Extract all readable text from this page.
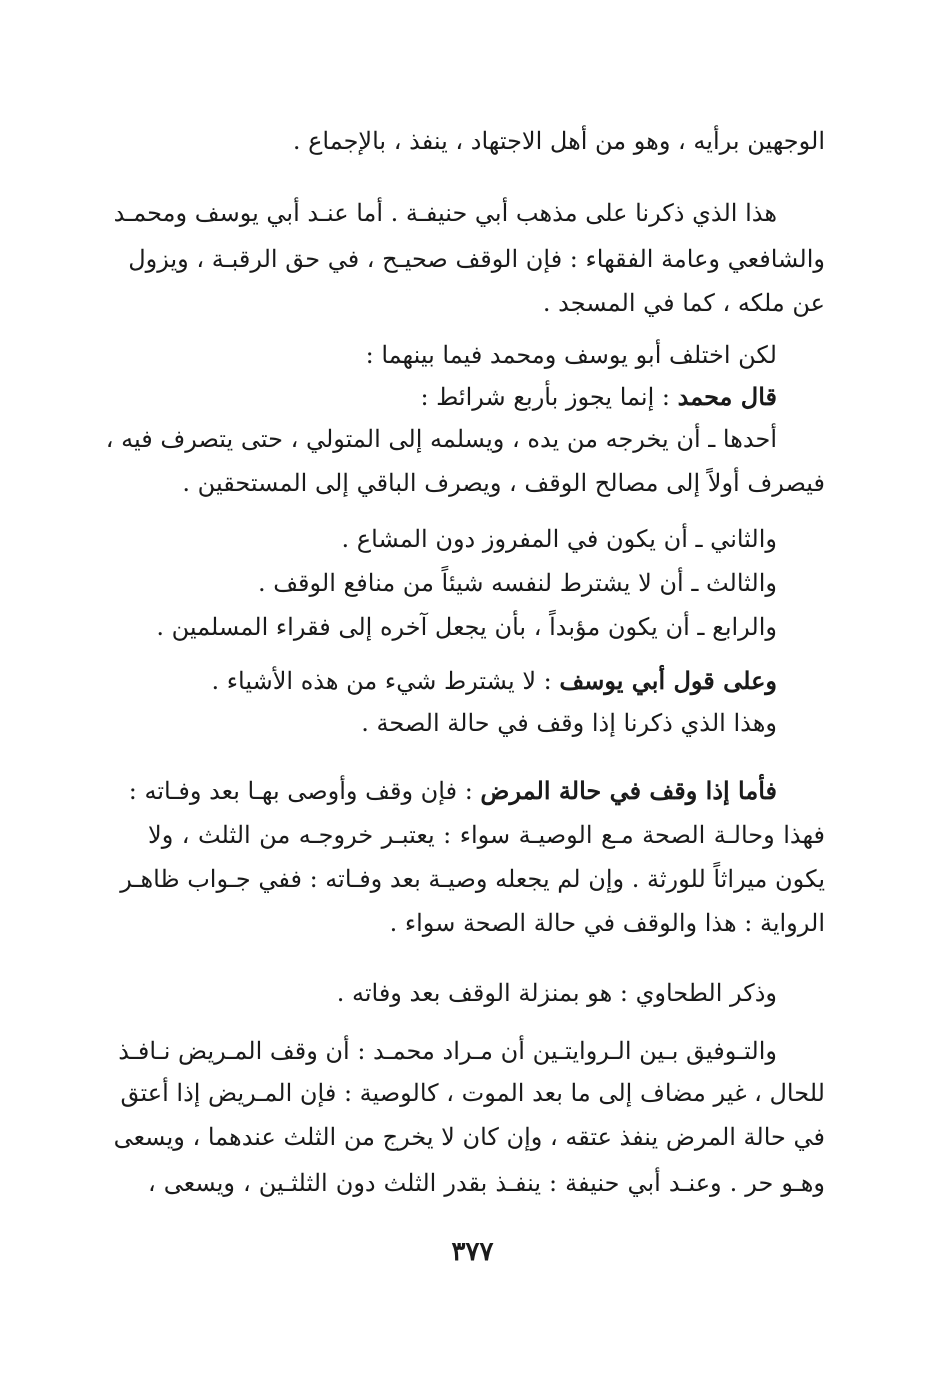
الوجهين برأيه ، وهو من أهل الاجتهاد ، ينفذ ، بالإجماع .
هذا الذي ذكرنا على مذهب أبي حنيفـة . أما عنـد أبي يوسف ومحمـد
والشافعي وعامة الفقهاء : فإن الوقف صحيـح ، في حق الرقبـة ، ويزول
عن ملكه ، كما في المسجد .
لكن اختلف أبو يوسف ومحمد فيما بينهما :
قال محمد : إنما يجوز بأربع شرائط :
أحدها ـ أن يخرجه من يده ، ويسلمه إلى المتولي ، حتى يتصرف فيه ،
فيصرف أولاً إلى مصالح الوقف ، ويصرف الباقي إلى المستحقين .
والثاني ـ أن يكون في المفروز دون المشاع .
والثالث ـ أن لا يشترط لنفسه شيئاً من منافع الوقف .
والرابع ـ أن يكون مؤبداً ، بأن يجعل آخره إلى فقراء المسلمين .
وعلى قول أبي يوسف : لا يشترط شيء من هذه الأشياء .
وهذا الذي ذكرنا إذا وقف في حالة الصحة .
فأما إذا وقف في حالة المرض : فإن وقف وأوصى بهـا بعد وفـاته :
فهذا وحالـة الصحة مـع الوصيـة سواء : يعتبـر خروجـه من الثلث ، ولا
يكون ميراثاً للورثة . وإن لم يجعله وصيـة بعد وفـاته : ففي جـواب ظاهـر
الرواية : هذا والوقف في حالة الصحة سواء .
وذكر الطحاوي : هو بمنزلة الوقف بعد وفاته .
والتـوفيق بـين الـروايتـين أن مـراد محمـد : أن وقف المـريض نـافـذ
للحال ، غير مضاف إلى ما بعد الموت ، كالوصية : فإن المـريض إذا أعتق
في حالة المرض ينفذ عتقه ، وإن كان لا يخرج من الثلث عندهما ، ويسعى
وهـو حر . وعنـد أبي حنيفة : ينفـذ بقدر الثلث دون الثلثـين ، ويسعى ،
٣٧٧
